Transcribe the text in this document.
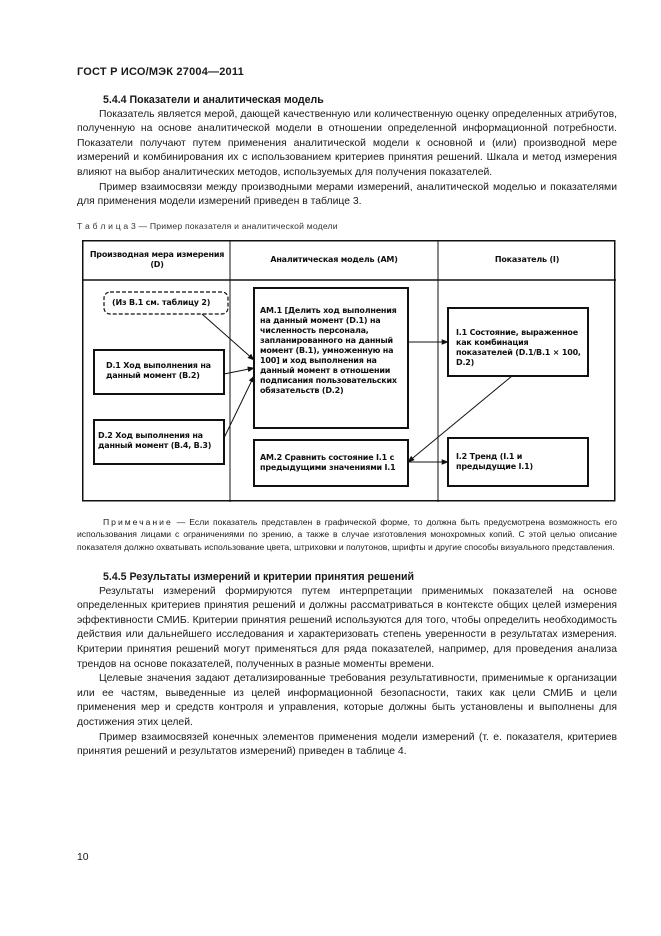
ГОСТ Р ИСО/МЭК 27004—2011
5.4.4 Показатели и аналитическая модель

Показатель является мерой, дающей качественную или количественную оценку определенных атрибутов, полученную на основе аналитической модели в отношении определенной информационной потребности. Показатели получают путем применения аналитической модели к основной и (или) производной мере измерений и комбинирования их с использованием критериев принятия решений. Шкала и метод измерения влияют на выбор аналитических методов, используемых для получения показателей.

Пример взаимосвязи между производными мерами измерений, аналитической моделью и показателями для применения модели измерений приведен в таблице 3.

Т а б л и ц а 3 — Пример показателя и аналитической модели
Производная мера измерения (D)
Аналитическая модель (AM)	Показатель (I)
(Из В.1 см. таблицу 2)
D.1 Ход выполнения на данный момент (В.2)
D.2 Ход выполнения на данный момент (В.4, В.3)
АМ.1 [Делить ход выполнения на данный момент (D.1) на численность персонала, запланированного на данный момент (В.1), умноженную на 100] и ход выполнения на данный момент в отношении подписания пользовательских обязательств (D.2)
АМ.2 Сравнить состояние I.1 с предыдущими значениями I.1
I.1 Состояние, выраженное как комбинация показателей (D.1/В.1 × 100, D.2)
I.2 Тренд (I.1 и предыдущие I.1)
Примечание — Если показатель представлен в графической форме, то должна быть предусмотрена возможность его использования лицами с ограничениями по зрению, а также в случае изготовления монохромных копий. С этой целью описание показателя должно охватывать использование цвета, штриховки и полутонов, шрифты и другие способы визуального представления.
5.4.5 Результаты измерений и критерии принятия решений

Результаты измерений формируются путем интерпретации применимых показателей на основе определенных критериев принятия решений и должны рассматриваться в контексте общих целей измерения эффективности СМИБ. Критерии принятия решений используются для того, чтобы определить необходимость действия или дальнейшего исследования и характеризовать степень уверенности в результатах измерения. Критерии принятия решений могут применяться для ряда показателей, например, для проведения анализа трендов на основе показателей, полученных в разные моменты времени.

Целевые значения задают детализированные требования результативности, применимые к организации или ее частям, выведенные из целей информационной безопасности, таких как цели СМИБ и цели применения мер и средств контроля и управления, которые должны быть установлены и выполнены для достижения этих целей.

Пример взаимосвязей конечных элементов применения модели измерений (т. е. показателя, критериев принятия решений и результатов измерений) приведен в таблице 4.

10
